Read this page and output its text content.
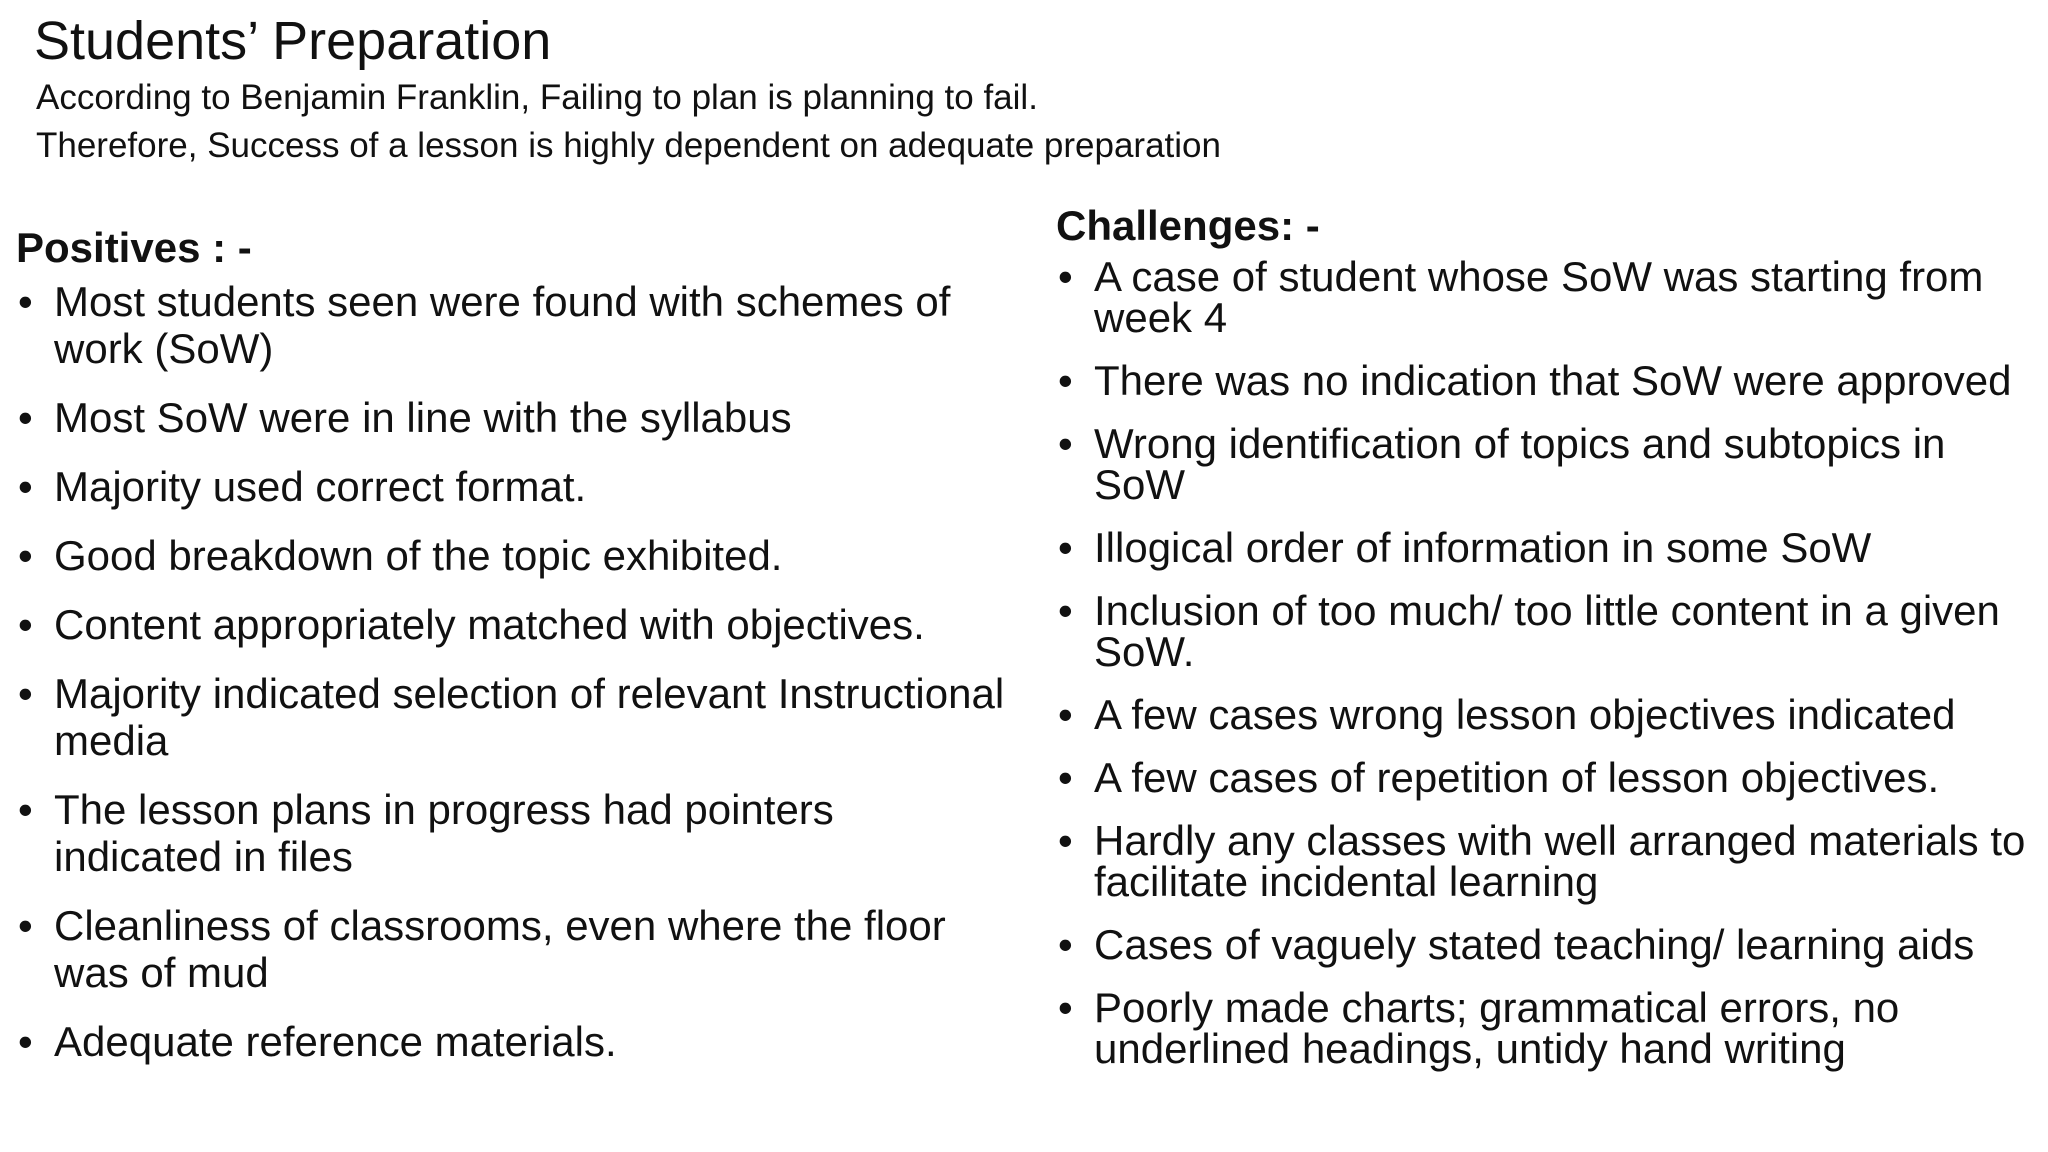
Students’ Preparation
According to Benjamin Franklin, Failing to plan is planning to fail.
Therefore, Success of a lesson is highly dependent on adequate preparation
Positives : -
• Most students seen were found with schemes of work (SoW)
• Most SoW were in line with the syllabus
• Majority used correct format.
• Good breakdown of the topic exhibited.
• Content appropriately matched with objectives.
• Majority indicated selection of relevant Instructional media
• The lesson plans in progress had pointers indicated in files
• Cleanliness of classrooms, even where the floor was of mud
• Adequate reference materials.
Challenges: -
• A case of student whose SoW was starting from week 4
• There was no indication that SoW were approved
• Wrong identification of topics and subtopics in SoW
• Illogical order of information in some SoW
• Inclusion of too much/ too little content in a given SoW.
• A few cases wrong lesson objectives indicated
• A few cases of repetition of lesson objectives.
• Hardly any classes with well arranged materials to facilitate incidental learning
• Cases of vaguely stated teaching/ learning aids
• Poorly made charts; grammatical errors, no underlined headings, untidy hand writing
